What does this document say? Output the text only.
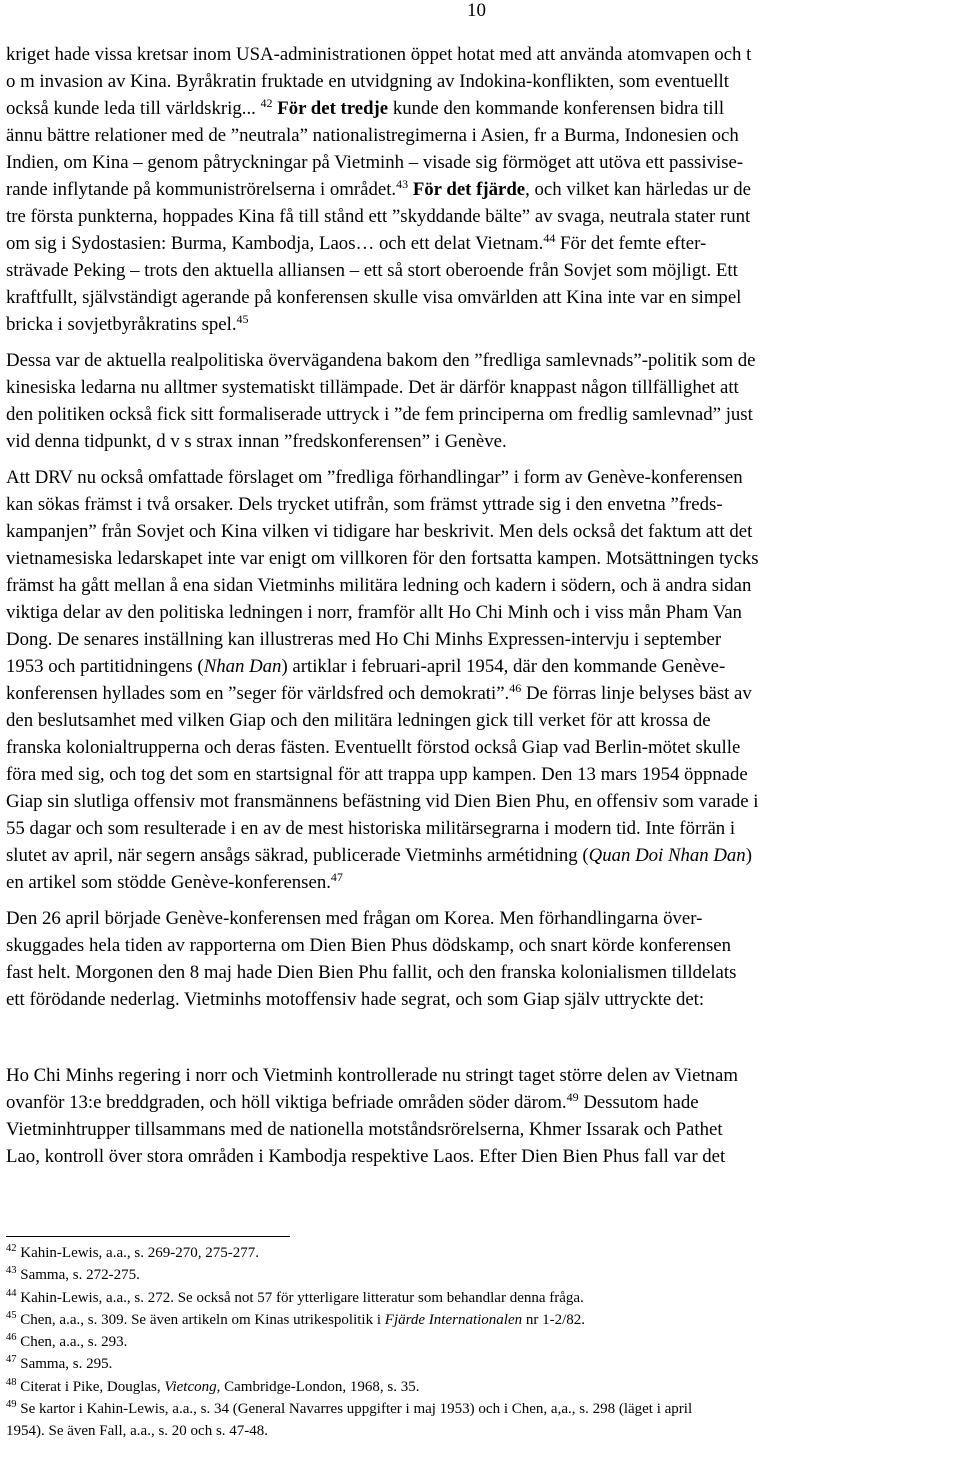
10

kriget hade vissa kretsar inom USA-administrationen öppet hotat med att använda atomvapen och t
o m invasion av Kina. Byråkratin fruktade en utvidgning av Indokina-konflikten, som eventuellt
också kunde leda till världskrig... $^{42}$ För det tredje kunde den kommande konferensen bidra till
ännu bättre relationer med de ”neutrala” nationalistregimerna i Asien, fr a Burma, Indonesien och
Indien, om Kina – genom påtryckningar på Vietminh – visade sig förmöget att utöva ett passivise-
rande inflytande på kommuniströrelserna i området.$^{43}$ För det fjärde, och vilket kan härledas ur de
tre första punkterna, hoppades Kina få till stånd ett ”skyddande bälte” av svaga, neutrala stater runt
om sig i Sydostasien: Burma, Kambodja, Laos… och ett delat Vietnam.$^{44}$ För det femte efter-
strävade Peking – trots den aktuella alliansen – ett så stort oberoende från Sovjet som möjligt. Ett
kraftfullt, självständigt agerande på konferensen skulle visa omvärlden att Kina inte var en simpel
bricka i sovjetbyråkratins spel.$^{45}$

Dessa var de aktuella realpolitiska övervägandena bakom den ”fredliga samlevnads”-politik som de
kinesiska ledarna nu alltmer systematiskt tillämpade. Det är därför knappast någon tillfällighet att
den politiken också fick sitt formaliserade uttryck i ”de fem principerna om fredlig samlevnad” just
vid denna tidpunkt, d v s strax innan ”fredskonferensen” i Genève.

Att DRV nu också omfattade förslaget om ”fredliga förhandlingar” i form av Genève-konferensen
kan sökas främst i två orsaker. Dels trycket utifrån, som främst yttrade sig i den envetna ”freds-
kampanjen” från Sovjet och Kina vilken vi tidigare har beskrivit. Men dels också det faktum att det
vietnamesiska ledarskapet inte var enigt om villkoren för den fortsatta kampen. Motsättningen tycks
främst ha gått mellan å ena sidan Vietminhs militära ledning och kadern i södern, och ä andra sidan
viktiga delar av den politiska ledningen i norr, framför allt Ho Chi Minh och i viss mån Pham Van
Dong. De senares inställning kan illustreras med Ho Chi Minhs Expressen-intervju i september
1953 och partitidningens (Nhan Dan) artiklar i februari-april 1954, där den kommande Genève-
konferensen hyllades som en ”seger för världsfred och demokrati”.$^{46}$ De förras linje belyses bäst av
den beslutsamhet med vilken Giap och den militära ledningen gick till verket för att krossa de
franska kolonialtrupperna och deras fästen. Eventuellt förstod också Giap vad Berlin-mötet skulle
föra med sig, och tog det som en startsignal för att trappa upp kampen. Den 13 mars 1954 öppnade
Giap sin slutliga offensiv mot fransmännens befästning vid Dien Bien Phu, en offensiv som varade i
55 dagar och som resulterade i en av de mest historiska militärsegrarna i modern tid. Inte förrän i
slutet av april, när segern ansågs säkrad, publicerade Vietminhs armétidning (Quan Doi Nhan Dan)
en artikel som stödde Genève-konferensen.$^{47}$

Den 26 april började Genève-konferensen med frågan om Korea. Men förhandlingarna över-
skuggades hela tiden av rapporterna om Dien Bien Phus dödskamp, och snart körde konferensen
fast helt. Morgonen den 8 maj hade Dien Bien Phu fallit, och den franska kolonialismen tilldelats
ett förödande nederlag. Vietminhs motoffensiv hade segrat, och som Giap själv uttryckte det:

Ho Chi Minhs regering i norr och Vietminh kontrollerade nu stringt taget större delen av Vietnam
ovanför 13:e breddgraden, och höll viktiga befriade områden söder därom.$^{49}$ Dessutom hade
Vietminhtrupper tillsammans med de nationella motståndsrörelserna, Khmer Issarak och Pathet
Lao, kontroll över stora områden i Kambodja respektive Laos. Efter Dien Bien Phus fall var det

$^{42}$ Kahin-Lewis, a.a., s. 269-270, 275-277.

$^{43}$ Samma, s. 272-275.

$^{44}$ Kahin-Lewis, a.a., s. 272. Se också not 57 för ytterligare litteratur som behandlar denna fråga.

$^{45}$ Chen, a.a., s. 309. Se även artikeln om Kinas utrikespolitik i Fjärde Internationalen nr 1-2/82.

$^{46}$ Chen, a.a., s. 293.

$^{47}$ Samma, s. 295.

$^{48}$ Citerat i Pike, Douglas, Vietcong, Cambridge-London, 1968, s. 35.

$^{49}$ Se kartor i Kahin-Lewis, a.a., s. 34 (General Navarres uppgifter i maj 1953) och i Chen, a,a., s. 298 (läget i april
1954). Se även Fall, a.a., s. 20 och s. 47-48.
